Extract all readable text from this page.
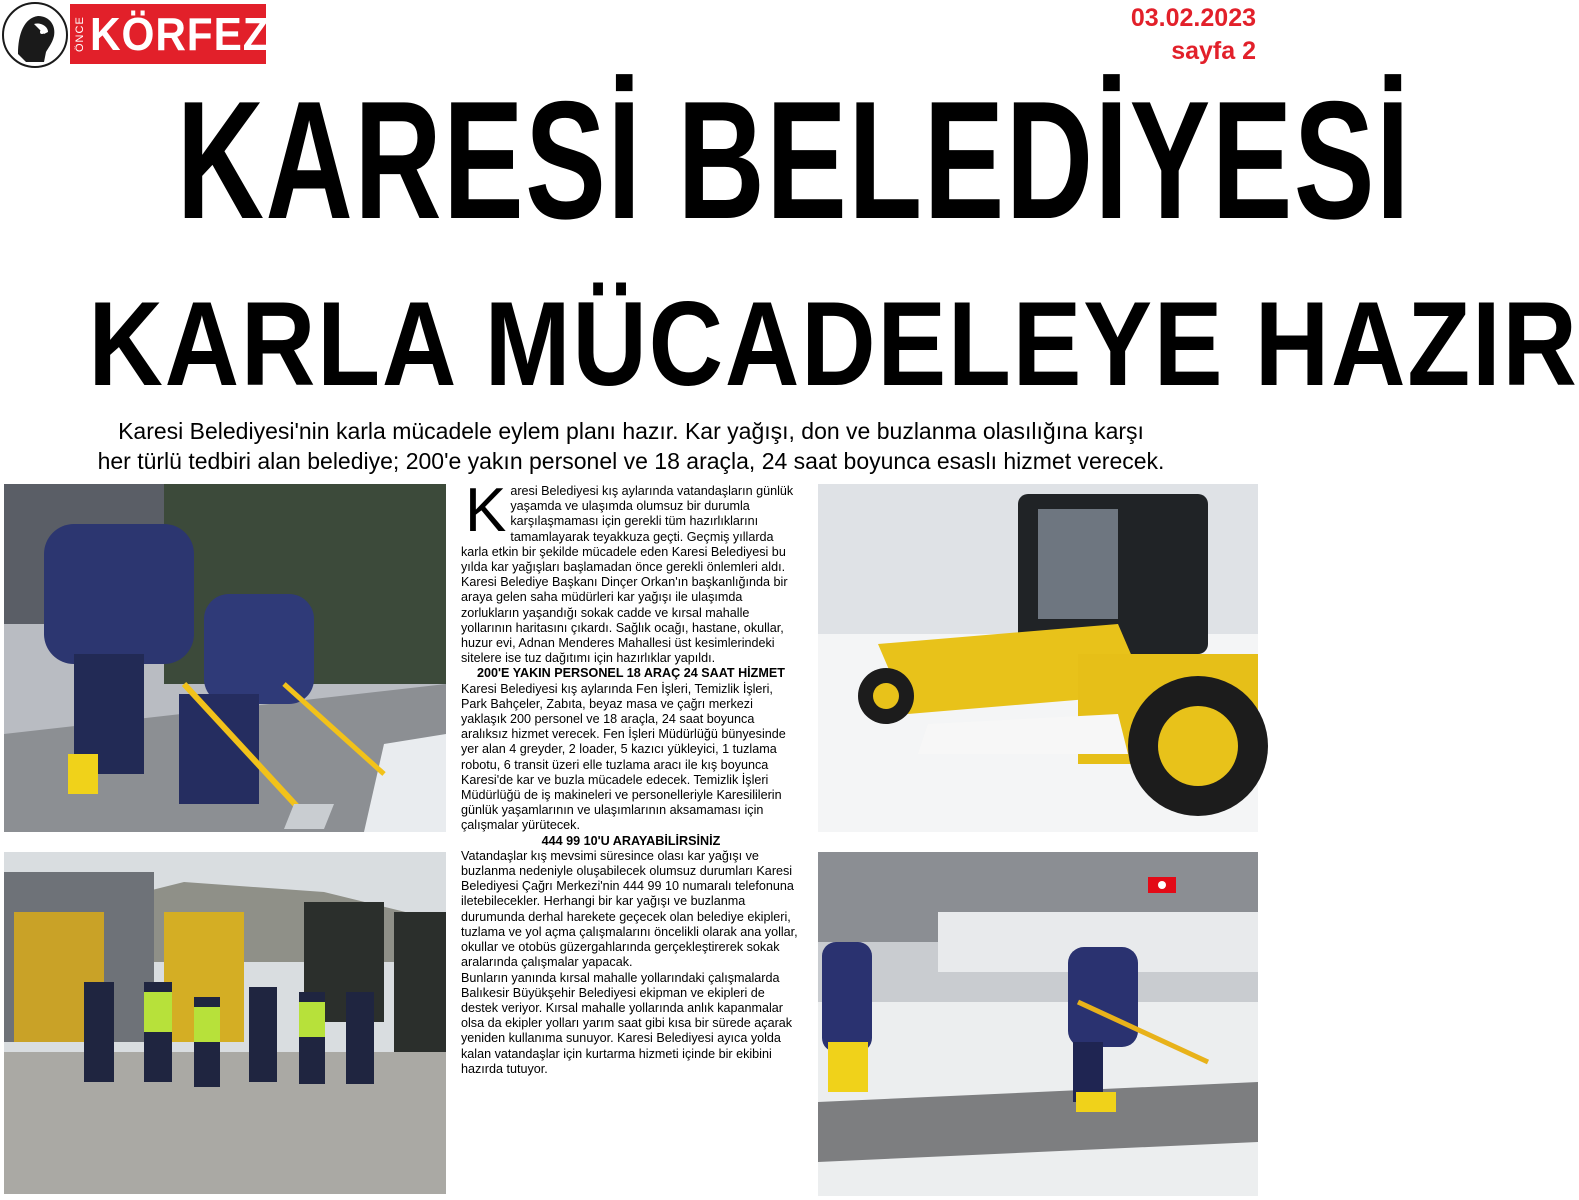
ÖNCE KÖRFEZ	03.02.2023
sayfa 2
KARESİ BELEDİYESİ
KARLA MÜCADELEYE HAZIR
Karesi Belediyesi'nin karla mücadele eylem planı hazır. Kar yağışı, don ve buzlanma olasılığına karşı
her türlü tedbiri alan belediye; 200'e yakın personel ve 18 araçla, 24 saat boyunca esaslı hizmet verecek.

Karesi Belediyesi kış aylarında vatandaşların günlük yaşamda ve ulaşımda olumsuz bir durumla karşılaşmaması için gerekli tüm hazırlıklarını tamamlayarak teyakkuza geçti. Geçmiş yıllarda karla etkin bir şekilde mücadele eden Karesi Belediyesi bu yılda kar yağışları başlamadan önce gerekli önlemleri aldı. Karesi Belediye Başkanı Dinçer Orkan'ın başkanlığında bir araya gelen saha müdürleri kar yağışı ile ulaşımda zorlukların yaşandığı sokak cadde ve kırsal mahalle yollarının haritasını çıkardı. Sağlık ocağı, hastane, okullar, huzur evi, Adnan Menderes Mahallesi üst kesimlerindeki sitelere ise tuz dağıtımı için hazırlıklar yapıldı.

200'E YAKIN PERSONEL 18 ARAÇ 24 SAAT HİZMET

Karesi Belediyesi kış aylarında Fen İşleri, Temizlik İşleri, Park Bahçeler, Zabıta, beyaz masa ve çağrı merkezi yaklaşık 200 personel ve 18 araçla, 24 saat boyunca aralıksız hizmet verecek. Fen İşleri Müdürlüğü bünyesinde yer alan 4 greyder, 2 loader, 5 kazıcı yükleyici, 1 tuzlama robotu, 6 transit üzeri elle tuzlama aracı ile kış boyunca Karesi'de kar ve buzla mücadele edecek. Temizlik İşleri Müdürlüğü de iş makineleri ve personelleriyle Karesililerin günlük yaşamlarının ve ulaşımlarının aksamaması için çalışmalar yürütecek.

444 99 10'U ARAYABİLİRSİNİZ

Vatandaşlar kış mevsimi süresince olası kar yağışı ve buzlanma nedeniyle oluşabilecek olumsuz durumları Karesi Belediyesi Çağrı Merkezi'nin 444 99 10 numaralı telefonuna iletebilecekler. Herhangi bir kar yağışı ve buzlanma durumunda derhal harekete geçecek olan belediye ekipleri, tuzlama ve yol açma çalışmalarını öncelikli olarak ana yollar, okullar ve otobüs güzergahlarında gerçekleştirerek sokak aralarında çalışmalar yapacak.

Bunların yanında kırsal mahalle yollarındaki çalışmalarda Balıkesir Büyükşehir Belediyesi ekipman ve ekipleri de destek veriyor. Kırsal mahalle yollarında anlık kapanmalar olsa da ekipler yolları yarım saat gibi kısa bir sürede açarak yeniden kullanıma sunuyor. Karesi Belediyesi ayıca yolda kalan vatandaşlar için kurtarma hizmeti içinde bir ekibini hazırda tutuyor.
